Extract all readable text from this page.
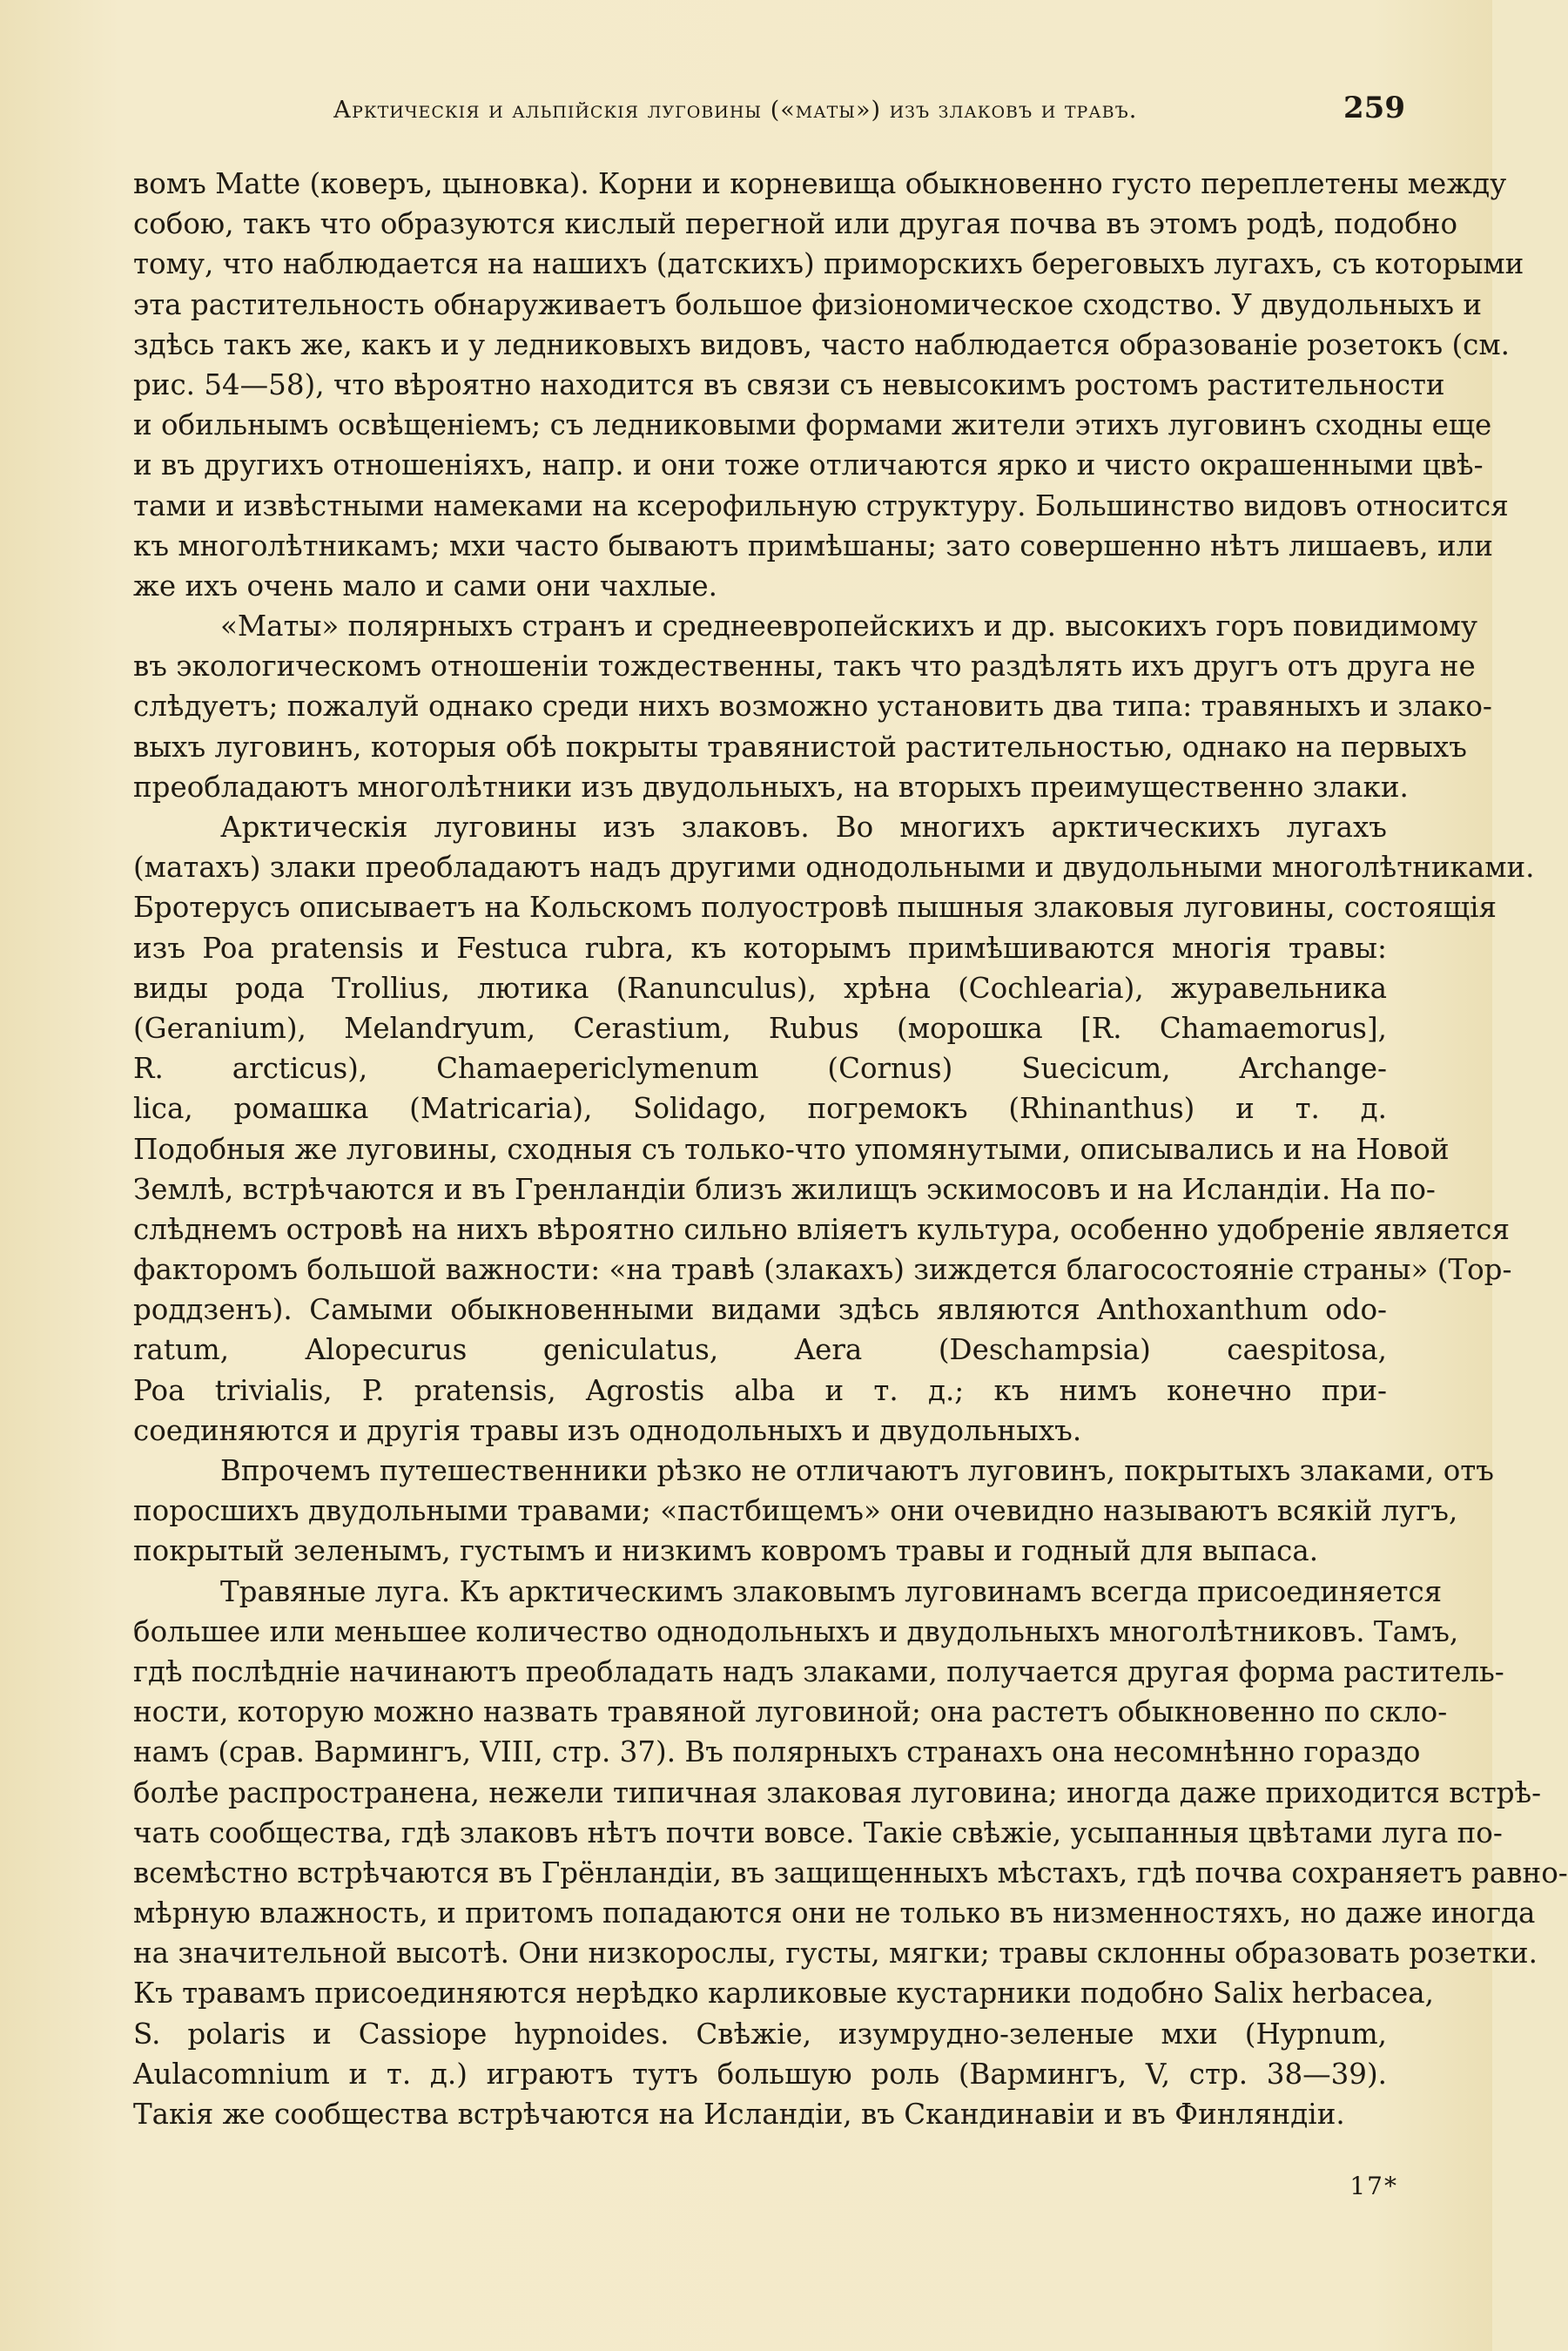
Арктическія и альпійскія луговины («маты») изъ злаковъ и травъ.	259
вомъ Matte (коверъ, цыновка). Корни и корневища обыкновенно густо переплетены между
собою, такъ что образуются кислый перегной или другая почва въ этомъ родѣ, подобно
тому, что наблюдается на нашихъ (датскихъ) приморскихъ береговыхъ лугахъ, съ которыми
эта растительность обнаруживаетъ большое физіономическое сходство. У двудольныхъ и
здѣсь такъ же, какъ и у ледниковыхъ видовъ, часто наблюдается образованіе розетокъ (см.
рис. 54—58), что вѣроятно находится въ связи съ невысокимъ ростомъ растительности
и обильнымъ освѣщеніемъ; съ ледниковыми формами жители этихъ луговинъ сходны еще
и въ другихъ отношеніяхъ, напр. и они тоже отличаются ярко и чисто окрашенными цвѣ-
тами и извѣстными намеками на ксерофильную структуру. Большинство видовъ относится
къ многолѣтникамъ; мхи часто бываютъ примѣшаны; зато совершенно нѣтъ лишаевъ, или
же ихъ очень мало и сами они чахлые.
«Маты» полярныхъ странъ и среднеевропейскихъ и др. высокихъ горъ повидимому
въ экологическомъ отношеніи тождественны, такъ что раздѣлять ихъ другъ отъ друга не
слѣдуетъ; пожалуй однако среди нихъ возможно установить два типа: травяныхъ и злако-
выхъ луговинъ, которыя обѣ покрыты травянистой растительностью, однако на первыхъ
преобладаютъ многолѣтники изъ двудольныхъ, на вторыхъ преимущественно злаки.
Арктическія луговины изъ злаковъ. Во многихъ арктическихъ лугахъ
(матахъ) злаки преобладаютъ надъ другими однодольными и двудольными многолѣтниками.
Бротерусъ описываетъ на Кольскомъ полуостровѣ пышныя злаковыя луговины, состоящія
изъ Poa pratensis и Festuca rubra, къ которымъ примѣшиваются многія травы:
виды рода Trollius, лютика (Ranunculus), хрѣна (Cochlearia), журавельника
(Geranium), Melandryum, Cerastium, Rubus (морошка [R. Chamaemorus],
R. arcticus), Chamaepericlymenum (Cornus) Suecicum, Archange-
lica, ромашка (Matricaria), Solidago, погремокъ (Rhinanthus) и т. д.
Подобныя же луговины, сходныя съ только-что упомянутыми, описывались и на Новой
Землѣ, встрѣчаются и въ Гренландіи близъ жилищъ эскимосовъ и на Исландіи. На по-
слѣднемъ островѣ на нихъ вѣроятно сильно вліяетъ культура, особенно удобреніе является
факторомъ большой важности: «на травѣ (злакахъ) зиждется благосостояніе страны» (Тор-
роддзенъ). Самыми обыкновенными видами здѣсь являются Anthoxanthum odo-
ratum, Alopecurus geniculatus, Aera (Deschampsia) caespitosa,
Poa trivialis, P. pratensis, Agrostis alba и т. д.; къ нимъ конечно при-
соединяются и другія травы изъ однодольныхъ и двудольныхъ.
Впрочемъ путешественники рѣзко не отличаютъ луговинъ, покрытыхъ злаками, отъ
поросшихъ двудольными травами; «пастбищемъ» они очевидно называютъ всякій лугъ,
покрытый зеленымъ, густымъ и низкимъ ковромъ травы и годный для выпаса.
Травяные луга. Къ арктическимъ злаковымъ луговинамъ всегда присоединяется
большее или меньшее количество однодольныхъ и двудольныхъ многолѣтниковъ. Тамъ,
гдѣ послѣдніе начинаютъ преобладать надъ злаками, получается другая форма раститель-
ности, которую можно назвать травяной луговиной; она растетъ обыкновенно по скло-
намъ (срав. Вармингъ, VIII, стр. 37). Въ полярныхъ странахъ она несомнѣнно гораздо
болѣе распространена, нежели типичная злаковая луговина; иногда даже приходится встрѣ-
чать сообщества, гдѣ злаковъ нѣтъ почти вовсе. Такіе свѣжіе, усыпанныя цвѣтами луга по-
всемѣстно встрѣчаются въ Грёнландіи, въ защищенныхъ мѣстахъ, гдѣ почва сохраняетъ равно-
мѣрную влажность, и притомъ попадаются они не только въ низменностяхъ, но даже иногда
на значительной высотѣ. Они низкорослы, густы, мягки; травы склонны образовать розетки.
Къ травамъ присоединяются нерѣдко карликовые кустарники подобно Salix herbacea,
S. polaris и Cassiope hypnoides. Свѣжіе, изумрудно-зеленые мхи (Hypnum,
Aulacomnium и т. д.) играютъ тутъ большую роль (Вармингъ, V, стр. 38—39).
Такія же сообщества встрѣчаются на Исландіи, въ Скандинавіи и въ Финляндіи.
17*
